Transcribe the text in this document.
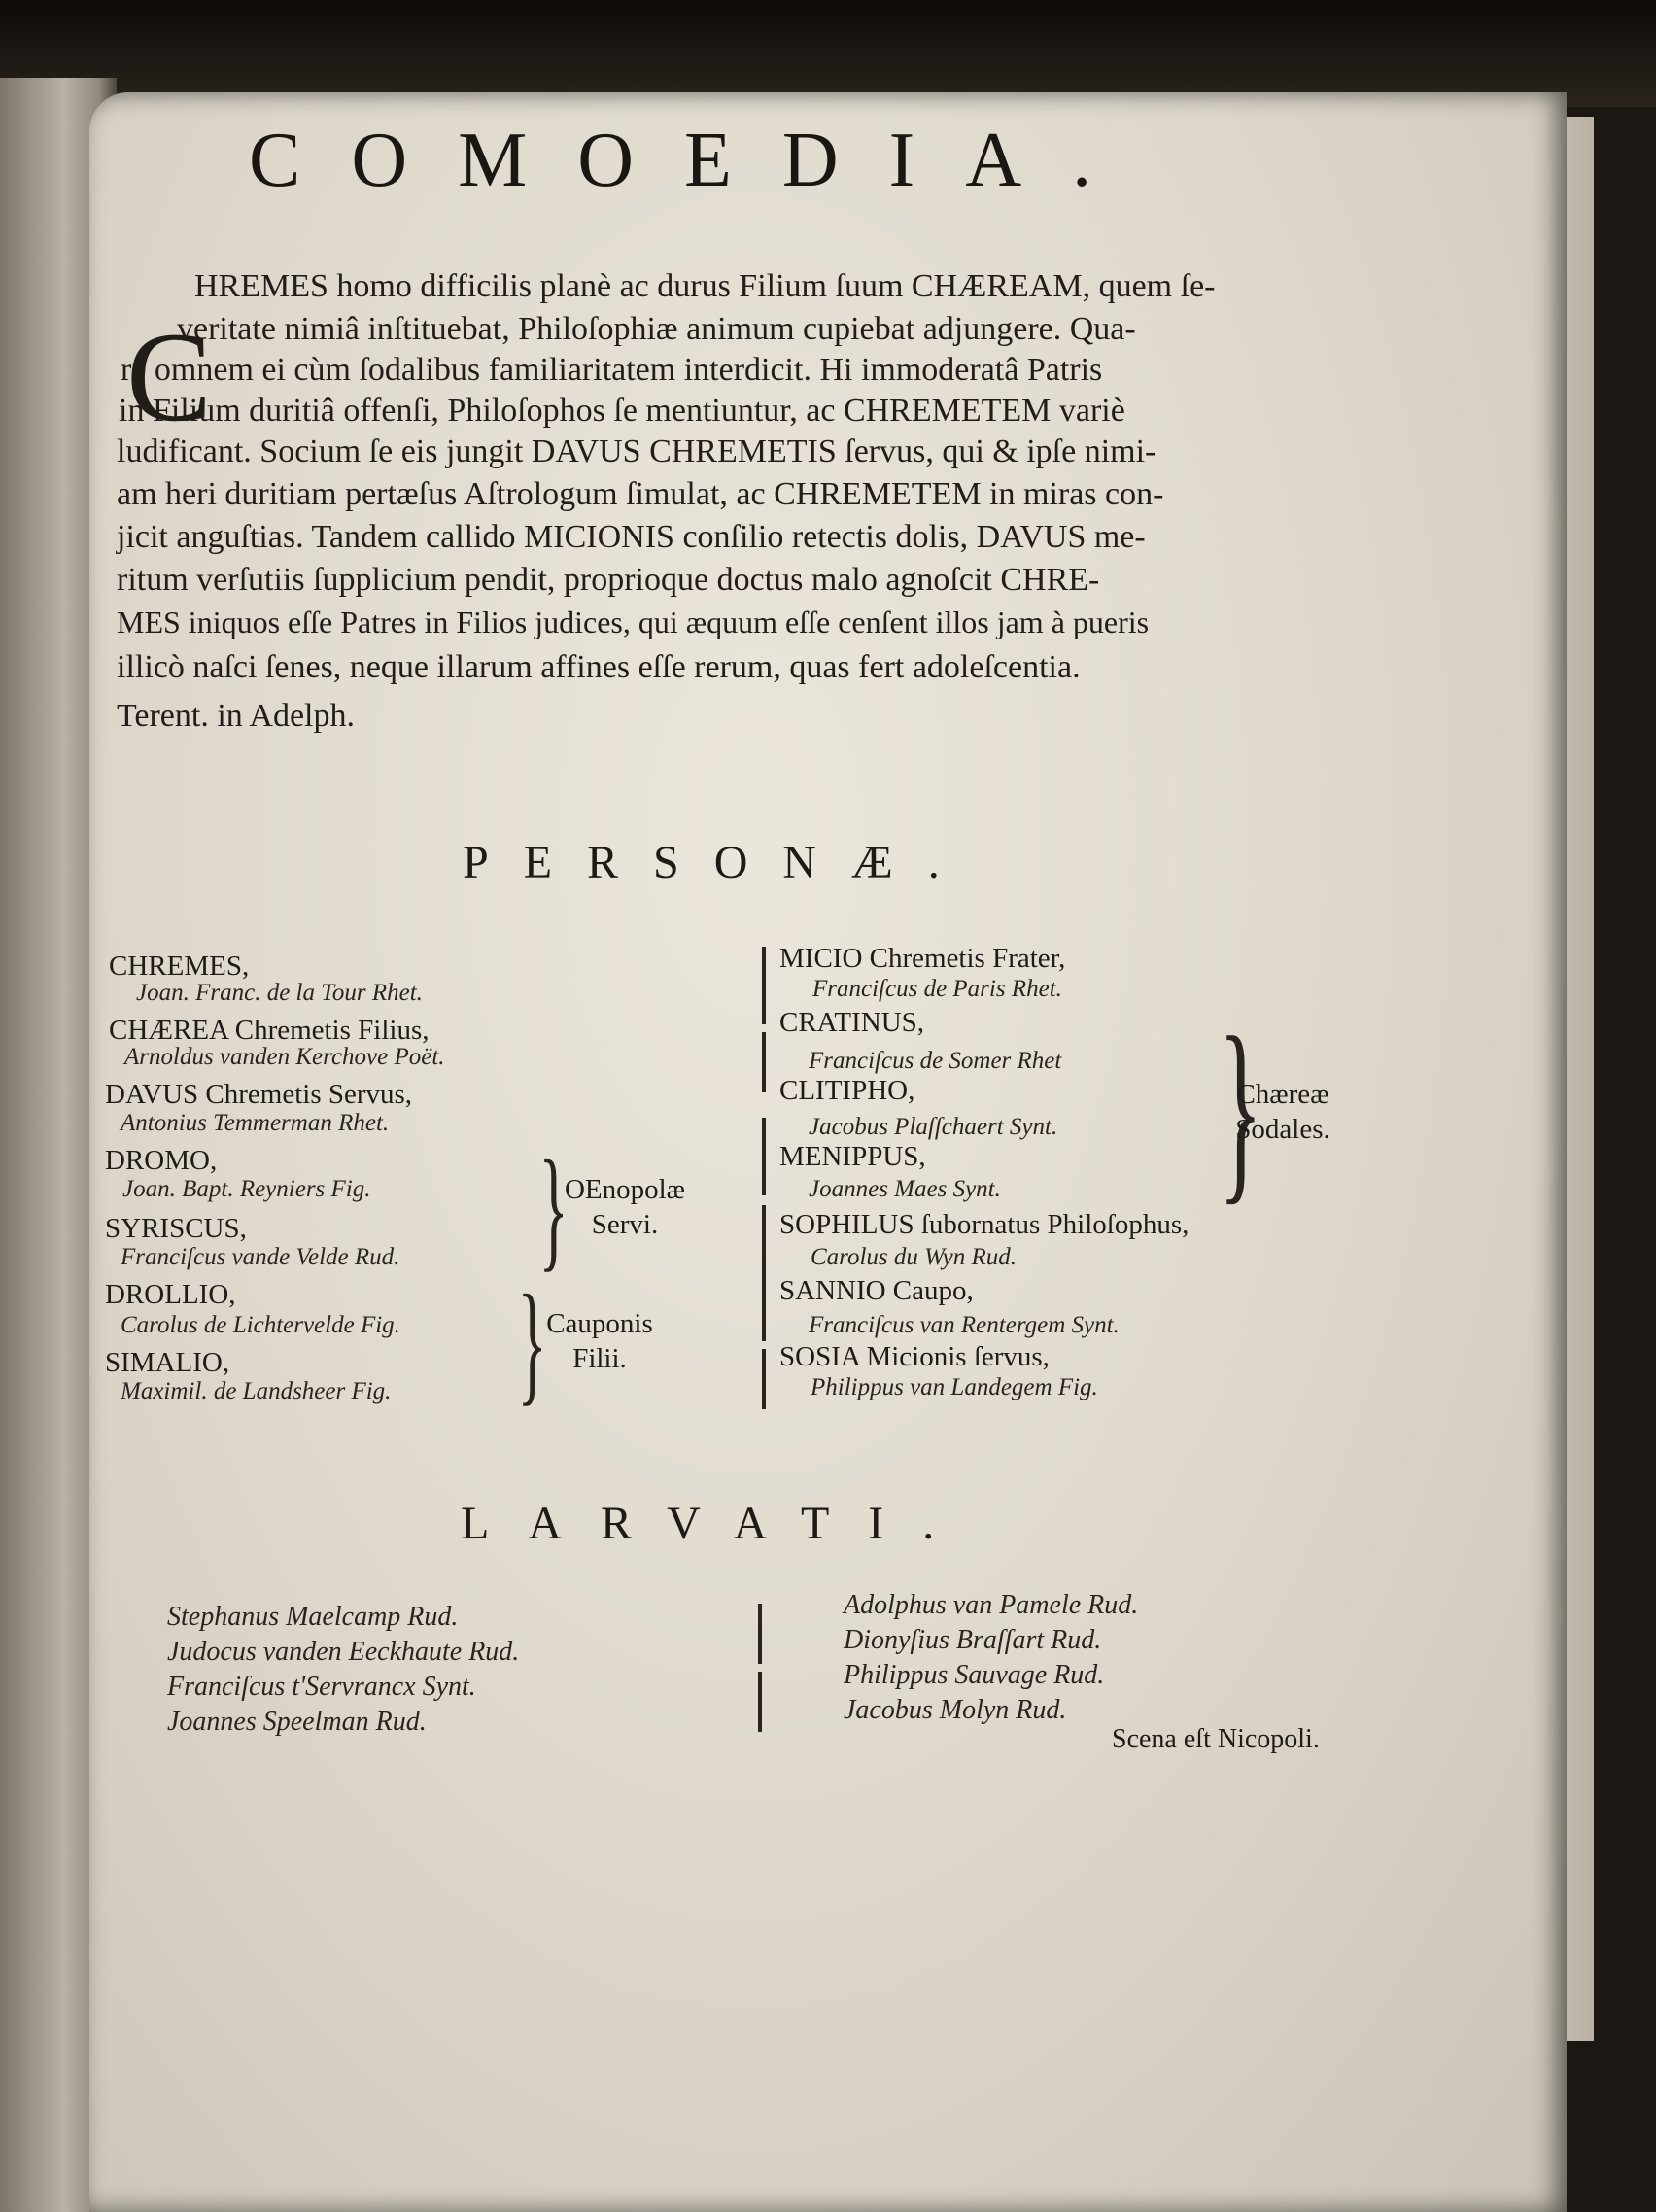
COMOEDIA.
C
HREMES homo difficilis planè ac durus Filium ſuum CHÆREAM, quem ſe-
veritate nimiâ inſtituebat, Philoſophiæ animum cupiebat adjungere. Qua-
re omnem ei cùm ſodalibus familiaritatem interdicit. Hi immoderatâ Patris
in Filium duritiâ offenſi, Philoſophos ſe mentiuntur, ac CHREMETEM variè
ludificant. Socium ſe eis jungit DAVUS CHREMETIS ſervus, qui & ipſe nimi-
am heri duritiam pertæſus Aſtrologum ſimulat, ac CHREMETEM in miras con-
jicit anguſtias. Tandem callido MICIONIS conſilio retectis dolis, DAVUS me-
ritum verſutiis ſupplicium pendit, proprioque doctus malo agnoſcit CHRE-
MES iniquos eſſe Patres in Filios judices, qui æquum eſſe cenſent illos jam à pueris
illicò naſci ſenes, neque illarum affines eſſe rerum, quas fert adoleſcentia.
Terent. in Adelph.
PERSONÆ.
CHREMES,
Joan. Franc. de la Tour Rhet.
CHÆREA Chremetis Filius,
Arnoldus vanden Kerchove Poët.
DAVUS Chremetis Servus,
Antonius Temmerman Rhet.
DROMO,
Joan. Bapt. Reyniers Fig.
SYRISCUS,
Franciſcus vande Velde Rud.
DROLLIO,
Carolus de Lichtervelde Fig.
SIMALIO,
Maximil. de Landsheer Fig.
}
OEnopolæ
Servi.
} Cauponis
Filii.
MICIO Chremetis Frater,
Franciſcus de Paris Rhet.
CRATINUS,
Franciſcus de Somer Rhet
CLITIPHO,
Jacobus Plaſſchaert Synt.
MENIPPUS,
Joannes Maes Synt.
SOPHILUS ſubornatus Philoſophus,
Carolus du Wyn Rud.
SANNIO Caupo,
Franciſcus van Rentergem Synt.
SOSIA Micionis ſervus,
Philippus van Landegem Fig.
}
Chæreæ
Sodales.
LARVATI.
Stephanus Maelcamp Rud.
Judocus vanden Eeckhaute Rud.
Franciſcus t'Servrancx Synt.
Joannes Speelman Rud.
Adolphus van Pamele Rud.
Dionyſius Braſſart Rud.
Philippus Sauvage Rud.
Jacobus Molyn Rud.
Scena eſt Nicopoli.
